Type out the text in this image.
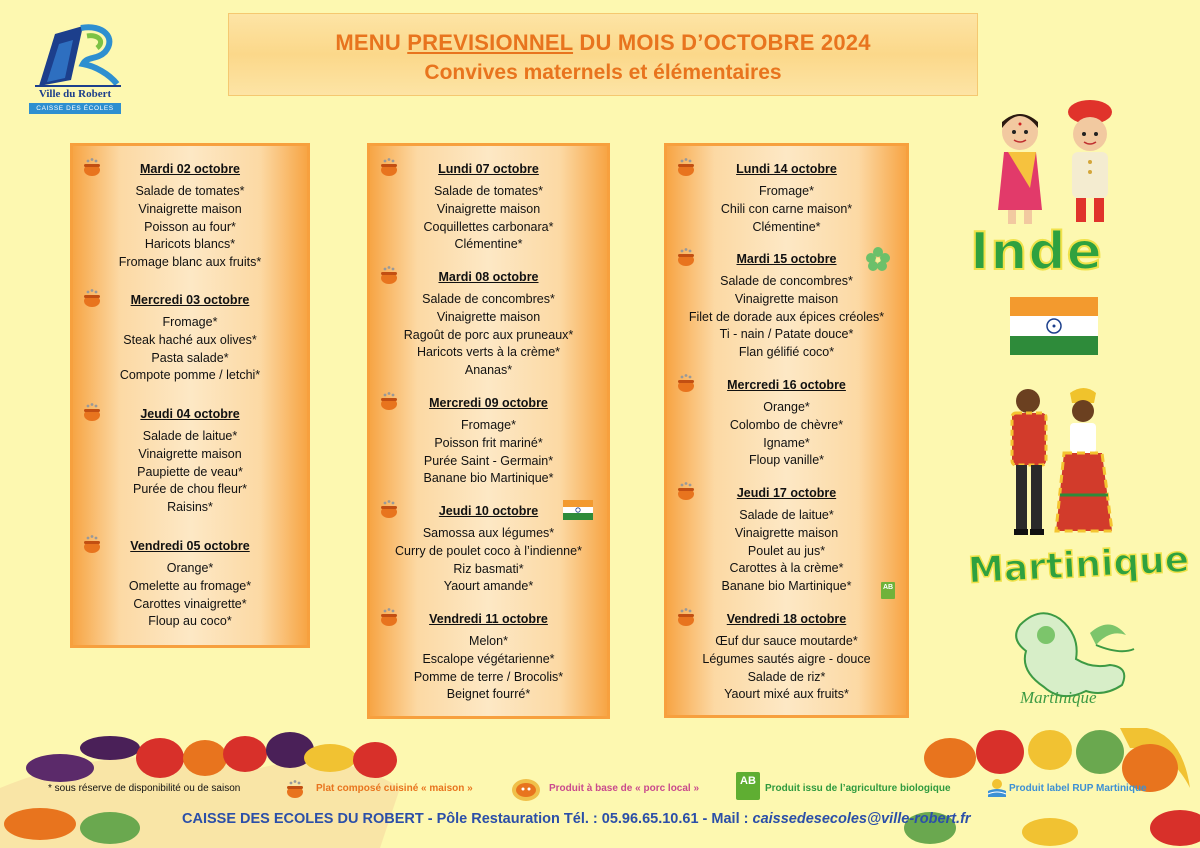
Ville du Robert
CAISSE DES ÉCOLES
MENU PREVISIONNEL DU MOIS D’OCTOBRE 2024
Convives maternels et élémentaires
Mardi 02 octobre
Salade de tomates*
Vinaigrette maison
Poisson au four*
Haricots blancs*
Fromage blanc aux fruits*
Mercredi 03 octobre
Fromage*
Steak haché aux olives*
Pasta salade*
Compote pomme / letchi*
Jeudi 04 octobre
Salade de laitue*
Vinaigrette maison
Paupiette de veau*
Purée de chou fleur*
Raisins*
Vendredi 05 octobre
Orange*
Omelette au fromage*
Carottes vinaigrette*
Floup au coco*
Lundi 07 octobre
Salade de tomates*
Vinaigrette maison
Coquillettes carbonara*
Clémentine*
Mardi 08 octobre
Salade de concombres*
Vinaigrette maison
Ragoût de porc aux pruneaux*
Haricots verts à la crème*
Ananas*
Mercredi 09 octobre
Fromage*
Poisson frit mariné*
Purée Saint - Germain*
Banane bio Martinique*
Jeudi 10 octobre
Samossa aux légumes*
Curry de poulet coco à l’indienne*
Riz basmati*
Yaourt amande*
Vendredi 11 octobre
Melon*
Escalope végétarienne*
Pomme de terre / Brocolis*
Beignet fourré*
Lundi 14 octobre
Fromage*
Chili con carne maison*
Clémentine*
Mardi 15 octobre
Salade de concombres*
Vinaigrette maison
Filet de dorade aux épices créoles*
Ti - nain / Patate douce*
Flan gélifié coco*
Mercredi 16 octobre
Orange*
Colombo de chèvre*
Igname*
Floup vanille*
AB
Jeudi 17 octobre
Salade de laitue*
Vinaigrette maison
Poulet au jus*
Carottes à la crème*
Banane bio Martinique*
Vendredi 18 octobre
Œuf dur sauce moutarde*
Légumes sautés aigre - douce
Salade de riz*
Yaourt mixé aux fruits*
Inde
Martinique
Martinique
* sous réserve de disponibilité ou de saison	Plat composé cuisiné « maison »	Produit à base de « porc local »
AB
Produit issu de l’agriculture biologique	Produit label RUP Martinique
CAISSE DES ECOLES DU ROBERT - Pôle Restauration Tél. : 05.96.65.10.61 - Mail : caissedesecoles@ville-robert.fr
